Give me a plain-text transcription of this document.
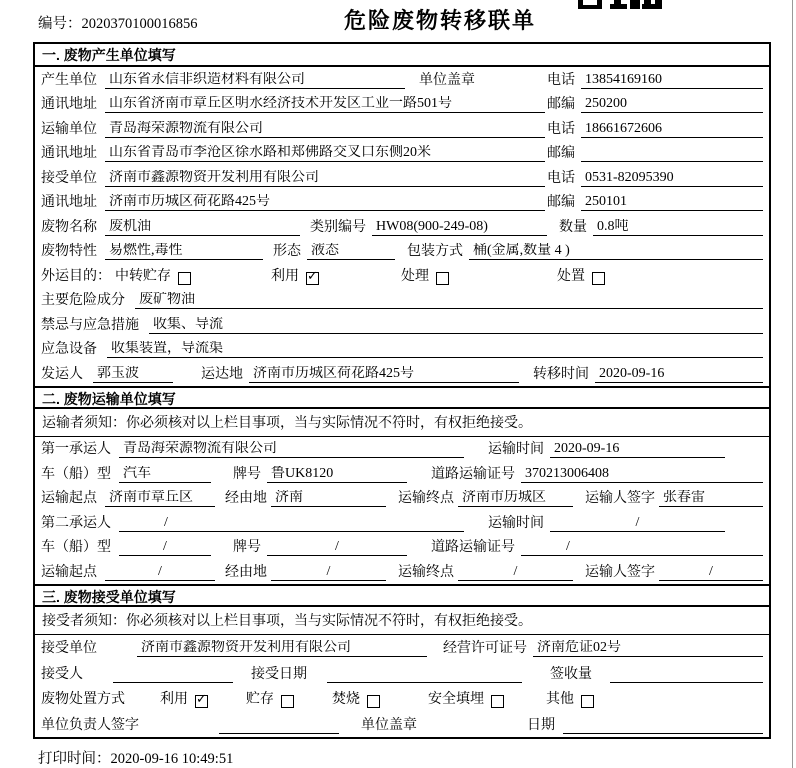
编号：2020370100016856	危险废物转移联单
一. 废物产生单位填写
产生单位 山东省永信非织造材料有限公司	单位盖章	电话 13854169160
通讯地址 山东省济南市章丘区明水经济技术开发区工业一路501号	邮编 250200
运输单位 青岛海荣源物流有限公司	电话 18661672606
通讯地址 山东省青岛市李沧区徐水路和郑佛路交叉口东侧20米	邮编
接受单位 济南市鑫源物资开发利用有限公司	电话 0531-82095390
通讯地址 济南市历城区荷花路425号	邮编 250101
废物名称 废机油	类别编号 HW08(900-249-08)	数量 0.8吨
废物特性 易燃性,毒性	形态 液态	包装方式 桶(金属,数量 4 )
外运目的： 中转贮存	利用 ✓	处理	处置
主要危险成分 废矿物油
禁忌与应急措施 收集、导流
应急设备 收集装置，导流渠
发运人 郭玉波	运达地 济南市历城区荷花路425号	转移时间 2020-09-16
二. 废物运输单位填写
运输者须知：你必须核对以上栏目事项，当与实际情况不符时，有权拒绝接受。
第一承运人 青岛海荣源物流有限公司	运输时间 2020-09-16
车（船）型 汽车	牌号 鲁UK8120	道路运输证号 370213006408
运输起点 济南市章丘区	经由地 济南	运输终点 济南市历城区	运输人签字 张春雷
第二承运人	/	运输时间	/
车（船）型	/	牌号	/	道路运输证号	/
运输起点	/	经由地	/	运输终点	/	运输人签字	/
三. 废物接受单位填写
接受者须知：你必须核对以上栏目事项，当与实际情况不符时，有权拒绝接受。
接受单位	济南市鑫源物资开发利用有限公司	经营许可证号 济南危证02号
接受人	接受日期	签收量
废物处置方式	利用 ✓	贮存	焚烧	安全填埋	其他
单位负责人签字	单位盖章	日期
打印时间：2020-09-16 10:49:51
